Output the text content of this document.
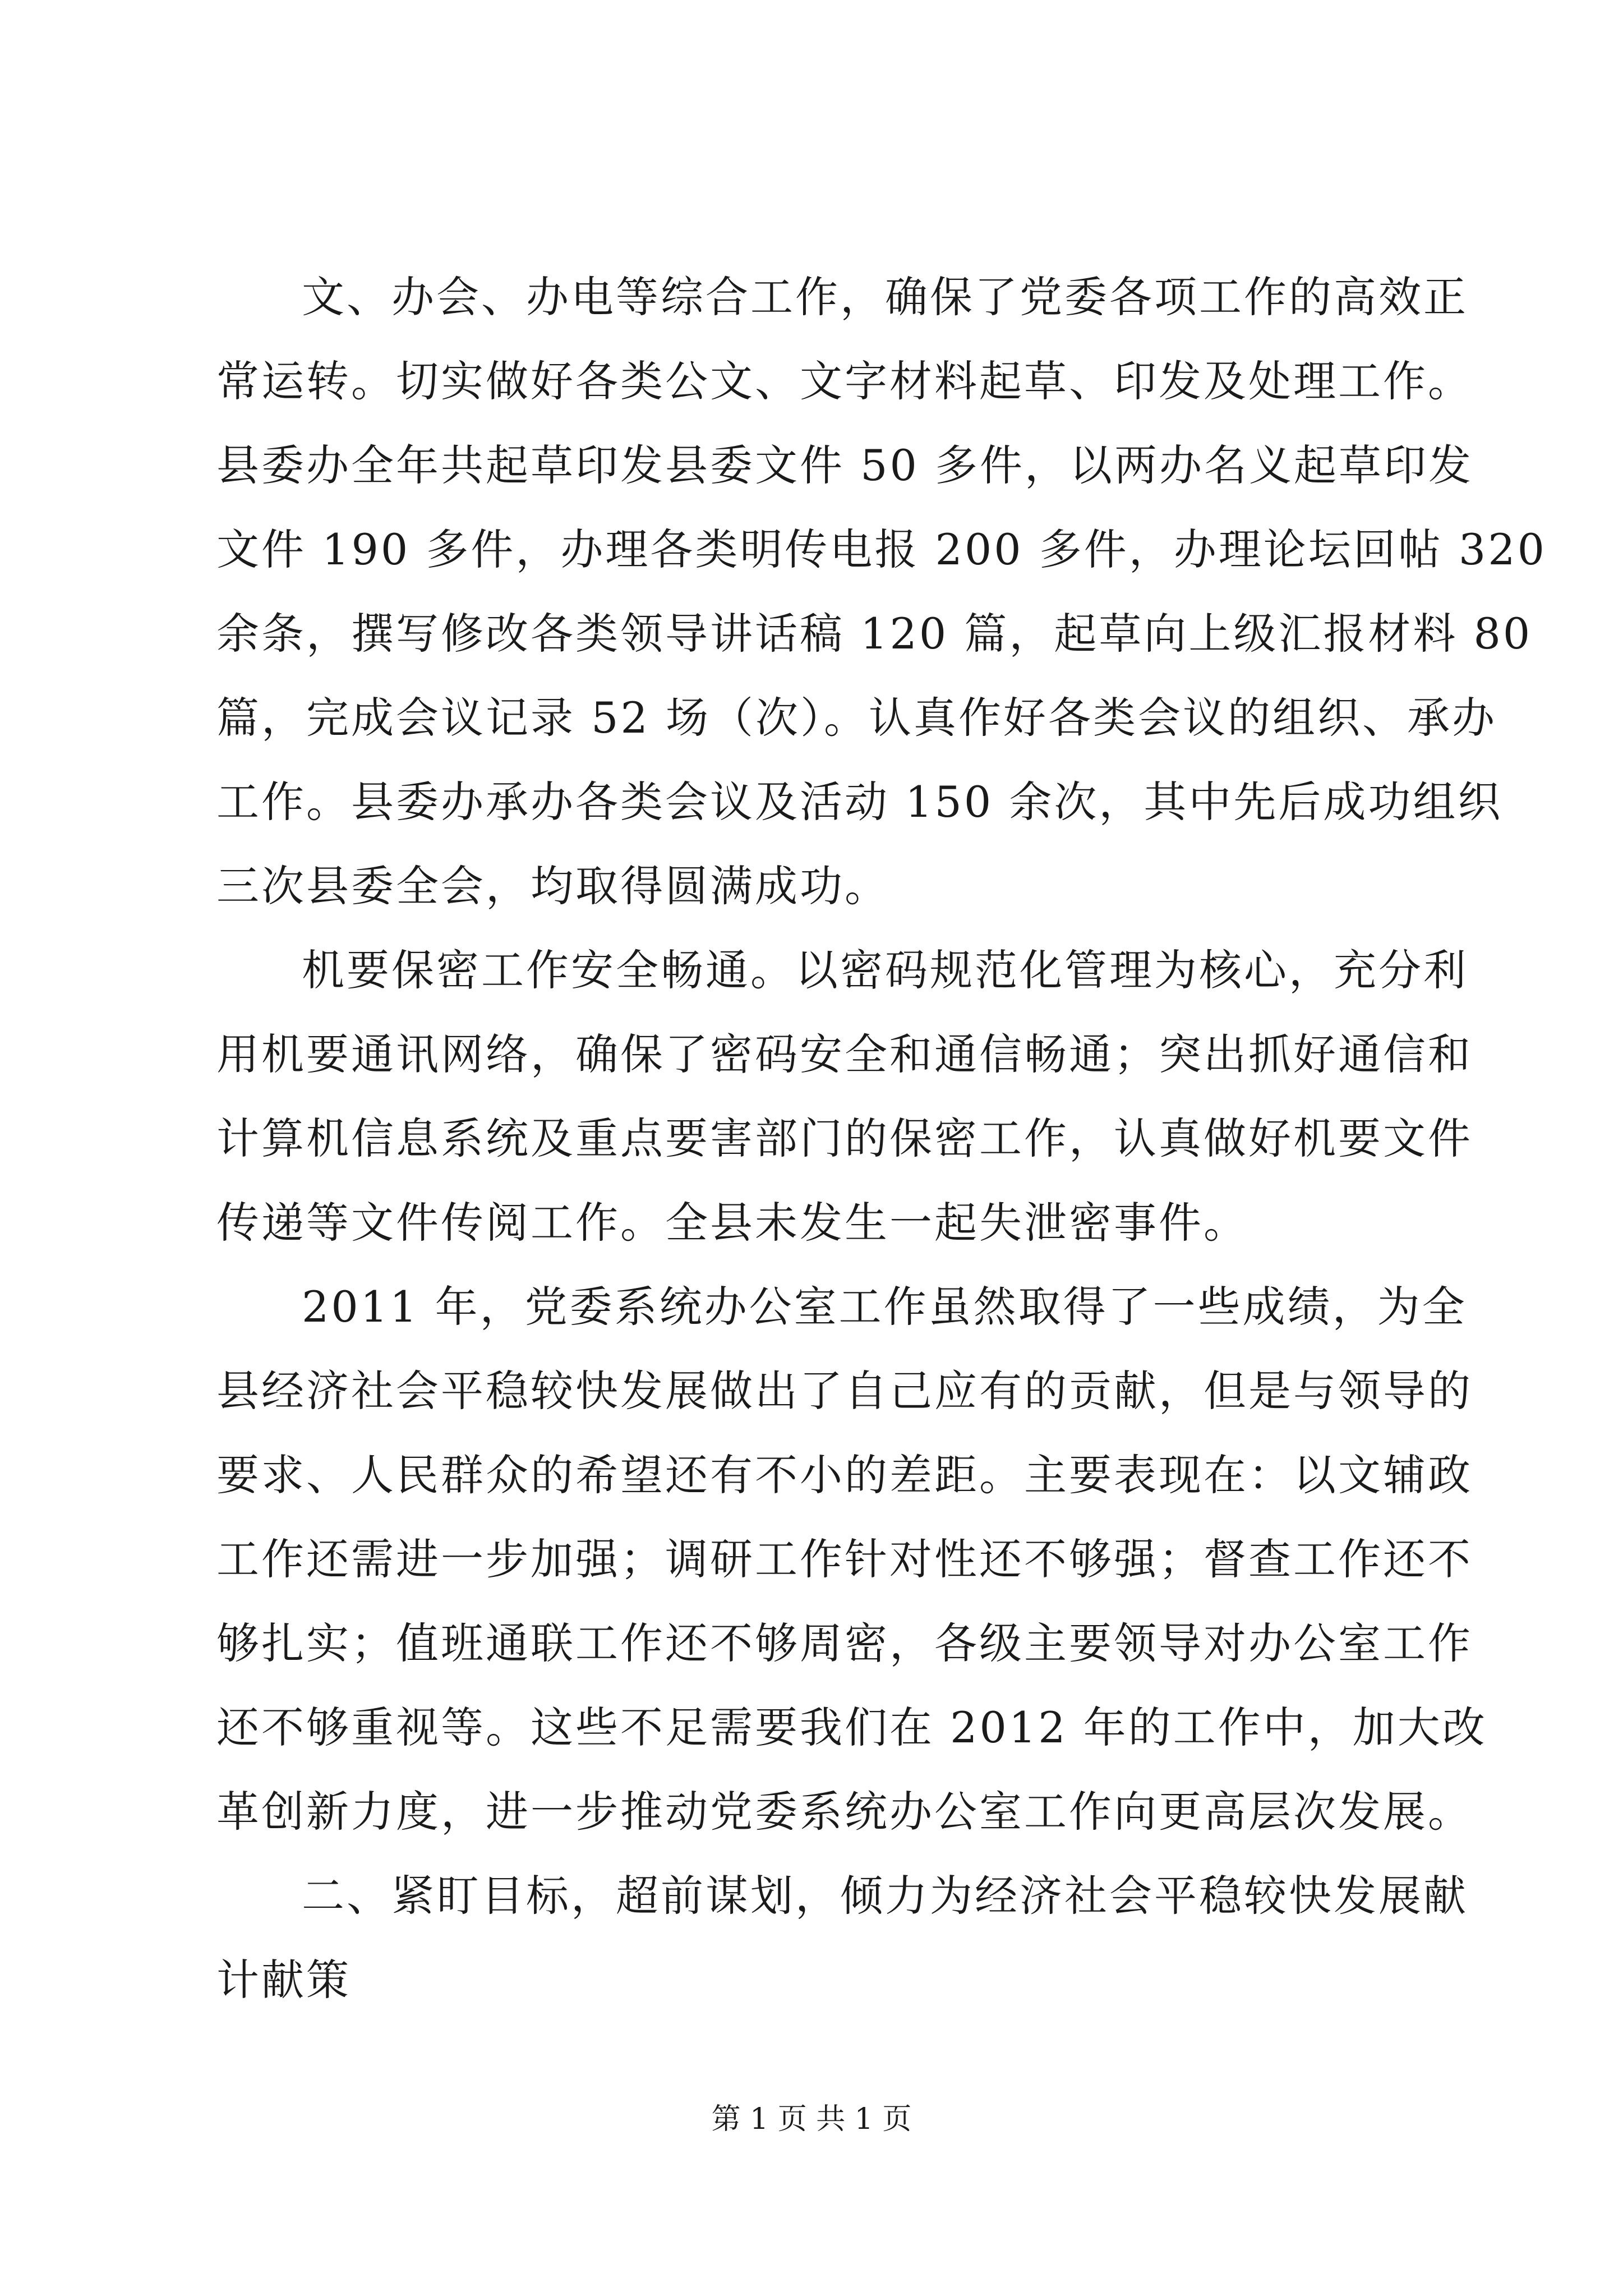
文、办会、办电等综合工作，确保了党委各项工作的高效正
常运转。切实做好各类公文、文字材料起草、印发及处理工作。
县委办全年共起草印发县委文件 50 多件，以两办名义起草印发
文件 190 多件，办理各类明传电报 200 多件，办理论坛回帖 320
余条，撰写修改各类领导讲话稿 120 篇，起草向上级汇报材料 80
篇，完成会议记录 52 场（次）。认真作好各类会议的组织、承办
工作。县委办承办各类会议及活动 150 余次，其中先后成功组织
三次县委全会，均取得圆满成功。
机要保密工作安全畅通。以密码规范化管理为核心，充分利
用机要通讯网络，确保了密码安全和通信畅通；突出抓好通信和
计算机信息系统及重点要害部门的保密工作，认真做好机要文件
传递等文件传阅工作。全县未发生一起失泄密事件。
2011 年，党委系统办公室工作虽然取得了一些成绩，为全
县经济社会平稳较快发展做出了自己应有的贡献，但是与领导的
要求、人民群众的希望还有不小的差距。主要表现在：以文辅政
工作还需进一步加强；调研工作针对性还不够强；督查工作还不
够扎实；值班通联工作还不够周密，各级主要领导对办公室工作
还不够重视等。这些不足需要我们在 2012 年的工作中，加大改
革创新力度，进一步推动党委系统办公室工作向更高层次发展。
二、紧盯目标，超前谋划，倾力为经济社会平稳较快发展献
计献策
第 1 页 共 1 页
